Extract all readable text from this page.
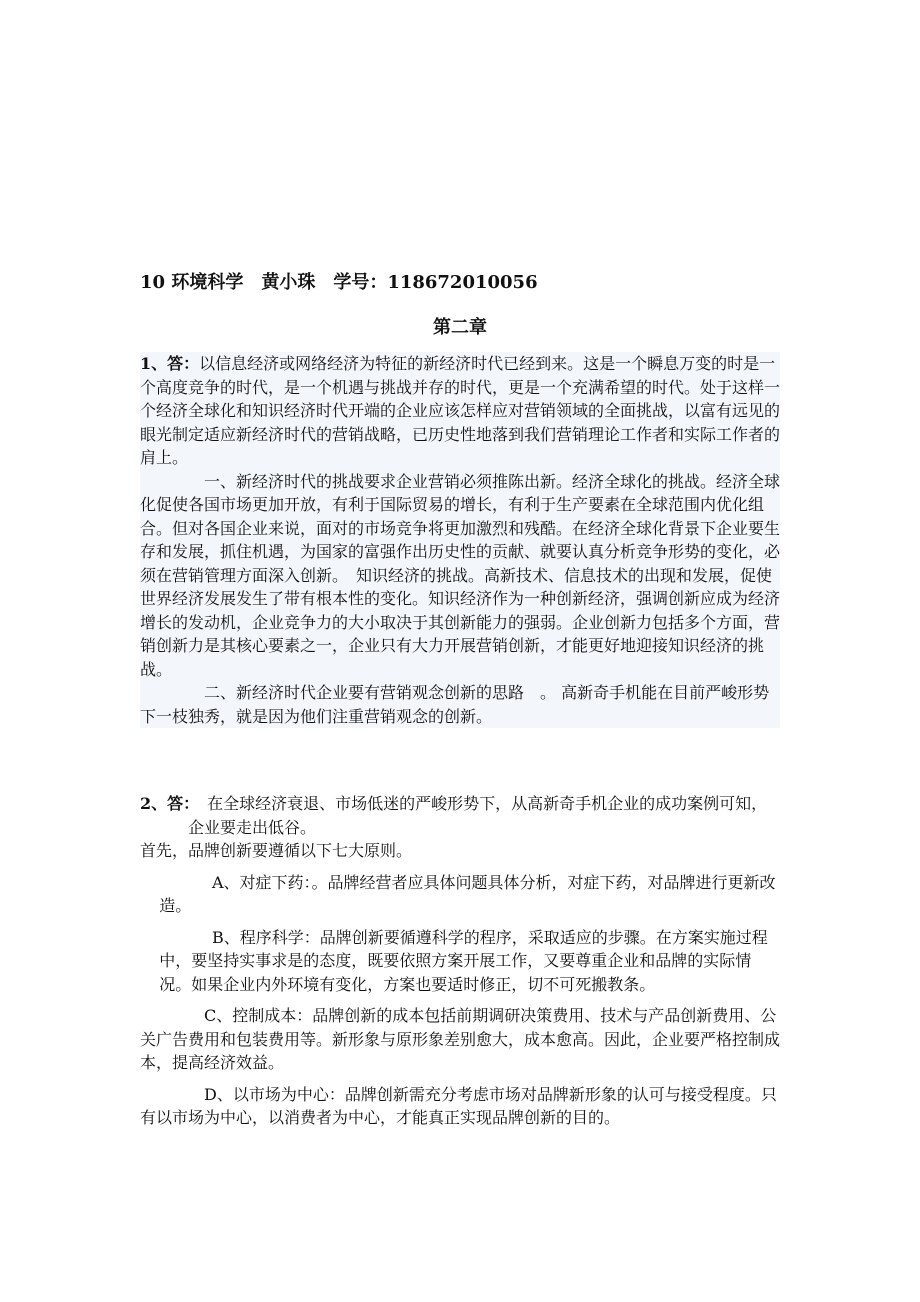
10 环境科学　黄小珠　学号：118672010056
第二章

1、答：以信息经济或网络经济为特征的新经济时代已经到来。这是一个瞬息万变的时是一个高度竞争的时代，是一个机遇与挑战并存的时代，更是一个充满希望的时代。处于这样一个经济全球化和知识经济时代开端的企业应该怎样应对营销领域的全面挑战，以富有远见的眼光制定适应新经济时代的营销战略，已历史性地落到我们营销理论工作者和实际工作者的肩上。

一、新经济时代的挑战要求企业营销必须推陈出新。经济全球化的挑战。经济全球化促使各国市场更加开放，有利于国际贸易的增长，有利于生产要素在全球范围内优化组合。但对各国企业来说，面对的市场竞争将更加激烈和残酷。在经济全球化背景下企业要生存和发展，抓住机遇，为国家的富强作出历史性的贡献、就要认真分析竞争形势的变化，必须在营销管理方面深入创新。　知识经济的挑战。高新技术、信息技术的出现和发展，促使世界经济发展发生了带有根本性的变化。知识经济作为一种创新经济，强调创新应成为经济增长的发动机，企业竞争力的大小取决于其创新能力的强弱。企业创新力包括多个方面，营销创新力是其核心要素之一，企业只有大力开展营销创新，才能更好地迎接知识经济的挑战。

二、新经济时代企业要有营销观念创新的思路　。 高新奇手机能在目前严峻形势下一枝独秀，就是因为他们注重营销观念的创新。

2、答：　 在全球经济衰退、市场低迷的严峻形势下，从高新奇手机企业的成功案例可知，企业要走出低谷。

首先，品牌创新要遵循以下七大原则。

A、对症下药：。品牌经营者应具体问题具体分析，对症下药，对品牌进行更新改造。

B、程序科学：品牌创新要循遵科学的程序，采取适应的步骤。在方案实施过程中，要坚持实事求是的态度，既要依照方案开展工作，又要尊重企业和品牌的实际情况。如果企业内外环境有变化，方案也要适时修正，切不可死搬教条。

C、控制成本：品牌创新的成本包括前期调研决策费用、技术与产品创新费用、公关广告费用和包装费用等。新形象与原形象差别愈大，成本愈高。因此，企业要严格控制成本，提高经济效益。

D、以市场为中心：品牌创新需充分考虑市场对品牌新形象的认可与接受程度。只有以市场为中心，以消费者为中心，才能真正实现品牌创新的目的。
